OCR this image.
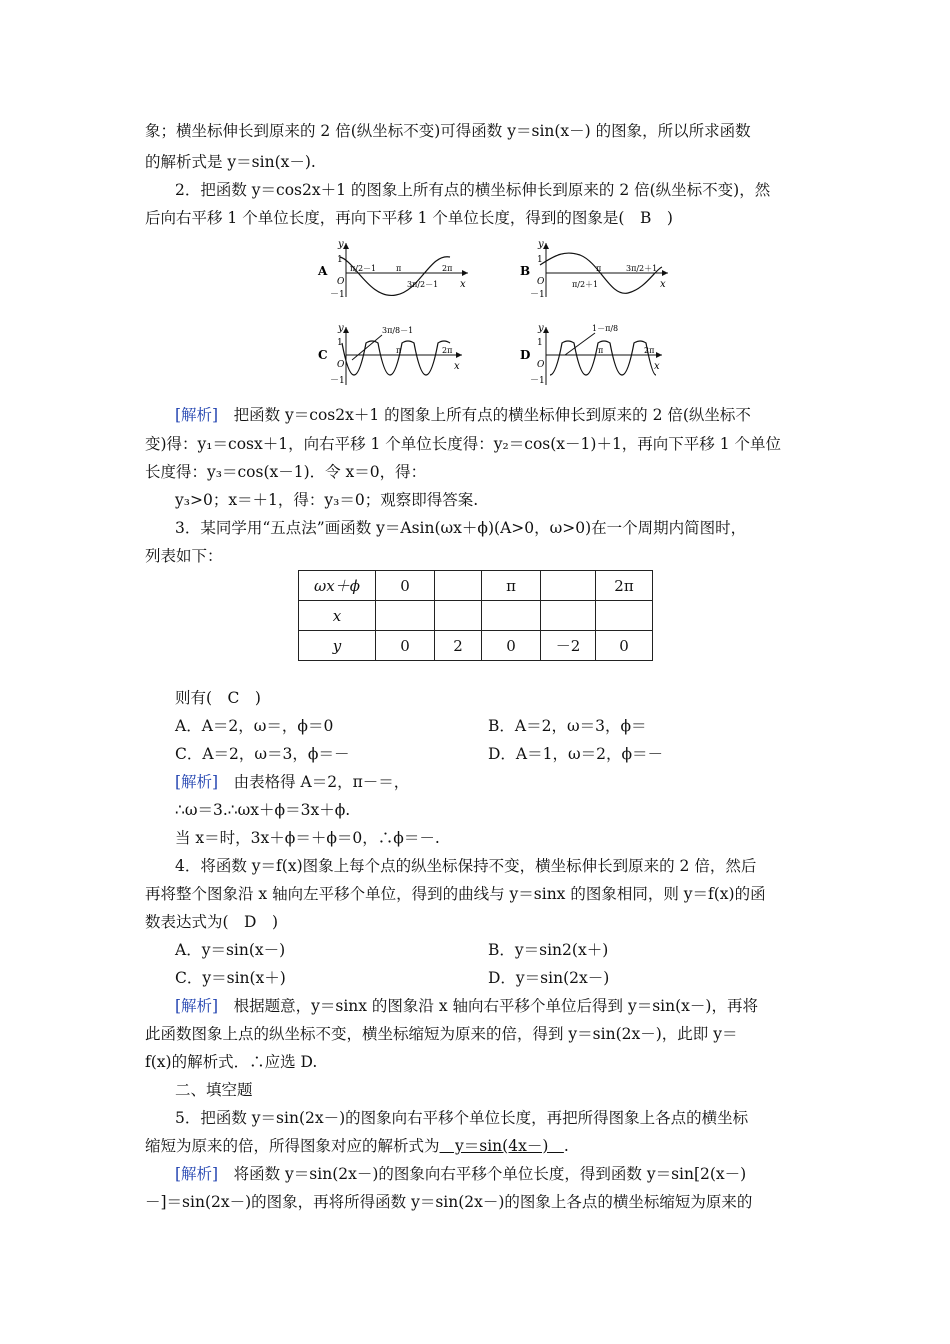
象；横坐标伸长到原来的 2 倍(纵坐标不变)可得函数 y＝sin(x－) 的图象，所以所求函数
的解析式是 y＝sin(x－).
2．把函数 y＝cos2x＋1 的图象上所有点的横坐标伸长到原来的 2 倍(纵坐标不变)，然
后向右平移 1 个单位长度，再向下平移 1 个单位长度，得到的图象是(　B　)
A
y
x
1
－1
O
π/2－1 π
3π/2－1
2π	B
y
x
1
－1
O	π/2＋1
π	3π/2＋1
C
y
x
1
－1
O
3π/8－1
π	2π	D
y
x
1
－1
O
1－π/8
π	2π
[解析]　把函数 y＝cos2x＋1 的图象上所有点的横坐标伸长到原来的 2 倍(纵坐标不
变)得：y₁＝cosx＋1，向右平移 1 个单位长度得：y₂＝cos(x－1)＋1，再向下平移 1 个单位
长度得：y₃＝cos(x－1)．令 x＝0，得：
y₃>0；x＝＋1，得：y₃＝0；观察即得答案.
3．某同学用“五点法”画函数 y＝Asin(ωx＋ϕ)(A>0，ω>0)在一个周期内简图时，
列表如下：
ωx＋ϕ	0		π		2π
x					
y	0	2	0	－2	0
则有(　C　)
A．A＝2，ω＝，ϕ＝0	B．A＝2，ω＝3，ϕ＝
C．A＝2，ω＝3，ϕ＝－	D．A＝1，ω＝2，ϕ＝－
[解析]　由表格得 A＝2，π－＝，
∴ω＝3.∴ωx＋ϕ＝3x＋ϕ.
当 x＝时，3x＋ϕ＝＋ϕ＝0，∴ϕ＝－.
4．将函数 y＝f(x)图象上每个点的纵坐标保持不变，横坐标伸长到原来的 2 倍，然后
再将整个图象沿 x 轴向左平移个单位，得到的曲线与 y＝sinx 的图象相同，则 y＝f(x)的函
数表达式为(　D　)
A．y＝sin(x－)	B．y＝sin2(x＋)
C．y＝sin(x＋)	D．y＝sin(2x－)
[解析]　根据题意，y＝sinx 的图象沿 x 轴向右平移个单位后得到 y＝sin(x－)，再将
此函数图象上点的纵坐标不变，横坐标缩短为原来的倍，得到 y＝sin(2x－)，此即 y＝
f(x)的解析式．∴应选 D.
二、填空题
5．把函数 y＝sin(2x－)的图象向右平移个单位长度，再把所得图象上各点的横坐标
缩短为原来的倍，所得图象对应的解析式为　y＝sin(4x－)　.
[解析]　将函数 y＝sin(2x－)的图象向右平移个单位长度，得到函数 y＝sin[2(x－)
－]＝sin(2x－)的图象，再将所得函数 y＝sin(2x－)的图象上各点的横坐标缩短为原来的
